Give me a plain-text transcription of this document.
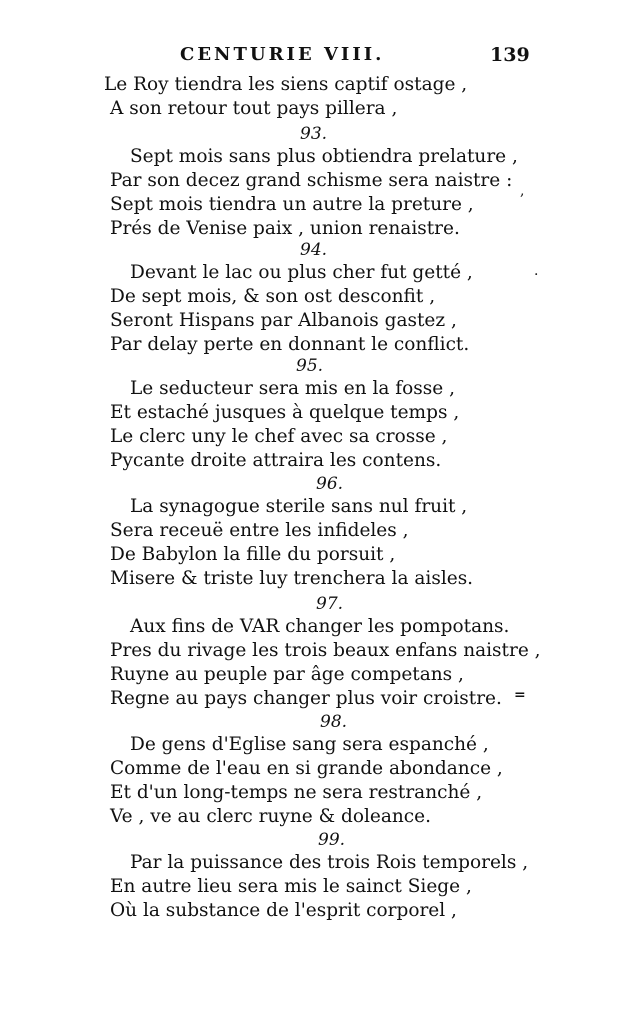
CENTURIE VIII.	139
Le Roy tiendra les siens captif ostage ,
A son retour tout pays pillera ,
93.
Sept mois sans plus obtiendra prelature ,
Par son decez grand schisme sera naistre :
Sept mois tiendra un autre la preture ,
Prés de Venise paix , union renaistre.
,
94.
Devant le lac ou plus cher fut getté ,
De sept mois, & son ost desconfit ,
Seront Hispans par Albanois gastez ,
Par delay perte en donnant le conflict.
·
95.
Le seducteur sera mis en la fosse ,
Et estaché jusques à quelque temps ,
Le clerc uny le chef avec sa crosse ,
Pycante droite attraira les contens.
96.
La synagogue sterile sans nul fruit ,
Sera receuë entre les infideles ,
De Babylon la fille du porsuit ,
Misere & triste luy trenchera la aisles.
97.
Aux fins de VAR changer les pompotans.
Pres du rivage les trois beaux enfans naistre ,
Ruyne au peuple par âge competans ,
Regne au pays changer plus voir croistre. =
98.
De gens d'Eglise sang sera espanché ,
Comme de l'eau en si grande abondance ,
Et d'un long-temps ne sera restranché ,
Ve , ve au clerc ruyne & doleance.
99.
Par la puissance des trois Rois temporels ,
En autre lieu sera mis le sainct Siege ,
Où la substance de l'esprit corporel ,
